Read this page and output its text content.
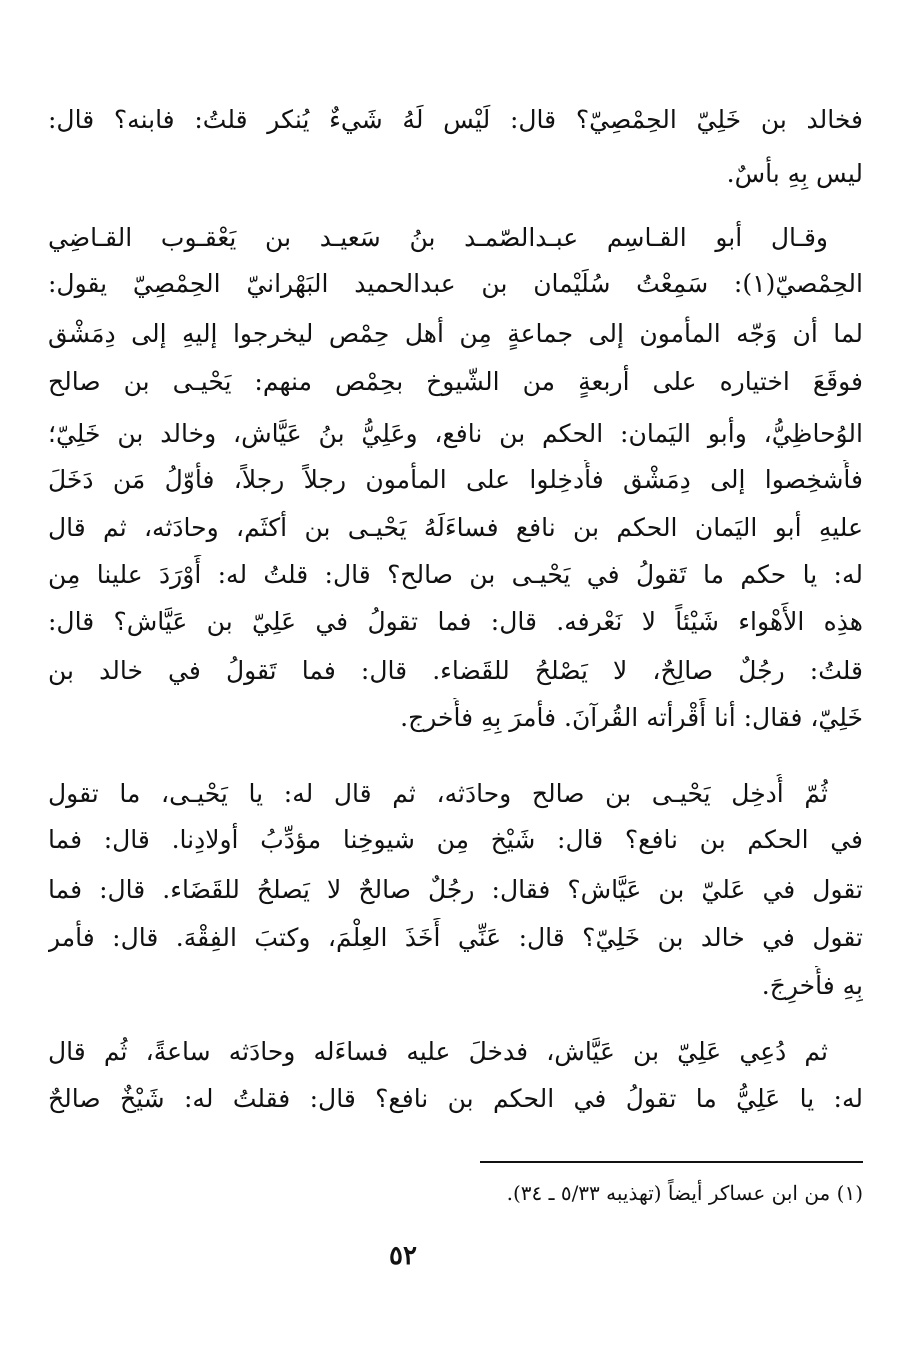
فخالد بن خَلِيّ الحِمْصِيّ؟ قال: لَيْس لَهُ شَيءٌ يُنكر قلتُ: فابنه؟ قال:
ليس بِهِ بأسٌ.
وقـال أبو القـاسِم عبـدالصّمـد بنُ سَعيـد بن يَعْقـوب القـاضِي
الحِمْصيّ(١): سَمِعْتُ سُلَيْمان بن عبدالحميد البَهْرانيّ الحِمْصِيّ يقول:
لما أن وَجّه المأمون إلى جماعةٍ مِن أهل حِمْص ليخرجوا إليهِ إلى دِمَشْق
فوقَعَ اختياره على أربعةٍ من الشّيوخ بحِمْص منهم: يَحْيـى بن صالح
الوُحاظِيُّ، وأبو اليَمان: الحكم بن نافع، وعَلِيُّ بنُ عَيَّاش، وخالد بن خَلِيّ؛
فأُشخِصوا إلى دِمَشْق فأُدخِلوا على المأمون رجلاً رجلاً، فأوّلُ مَن دَخَلَ
عليهِ أبو اليَمان الحكم بن نافع فساءَلَهُ يَحْيـى بن أكثَم، وحادَثه، ثم قال
له: يا حكم ما تَقولُ في يَحْيـى بن صالح؟ قال: قلتُ له: أَوْرَدَ علينا مِن
هذِه الأَهْواء شَيْئاً لا نَعْرفه. قال: فما تقولُ في عَلِيّ بن عَيَّاش؟ قال:
قلتُ: رجُلٌ صالِحٌ، لا يَصْلحُ للقَضاء. قال: فما تَقولُ في خالد بن
خَلِيّ، فقال: أنا أَقْرأته القُرآنَ. فأمرَ بِهِ فأُخرج.
ثُمّ أُدخِل يَحْيـى بن صالح وحادَثه، ثم قال له: يا يَحْيـى، ما تقول
في الحكم بن نافع؟ قال: شَيْخ مِن شيوخِنا مؤدِّبُ أولادِنا. قال: فما
تقول في عَليّ بن عَيَّاش؟ فقال: رجُلٌ صالحٌ لا يَصلحُ للقَضَاء. قال: فما
تقول في خالد بن خَلِيّ؟ قال: عَنِّي أَخَذَ العِلْمَ، وكتبَ الفِقْهَ. قال: فأمر
بِهِ فأُخرِجَ.
ثم دُعِي عَلِيّ بن عَيَّاش، فدخلَ عليه فساءَله وحادَثه ساعةً، ثُم قال
له: يا عَلِيُّ ما تقولُ في الحكم بن نافع؟ قال: فقلتُ له: شَيْخٌ صالحٌ
(١) من ابن عساكر أيضاً (تهذيبه ٥/٣٣ ـ ٣٤).
٥٢
